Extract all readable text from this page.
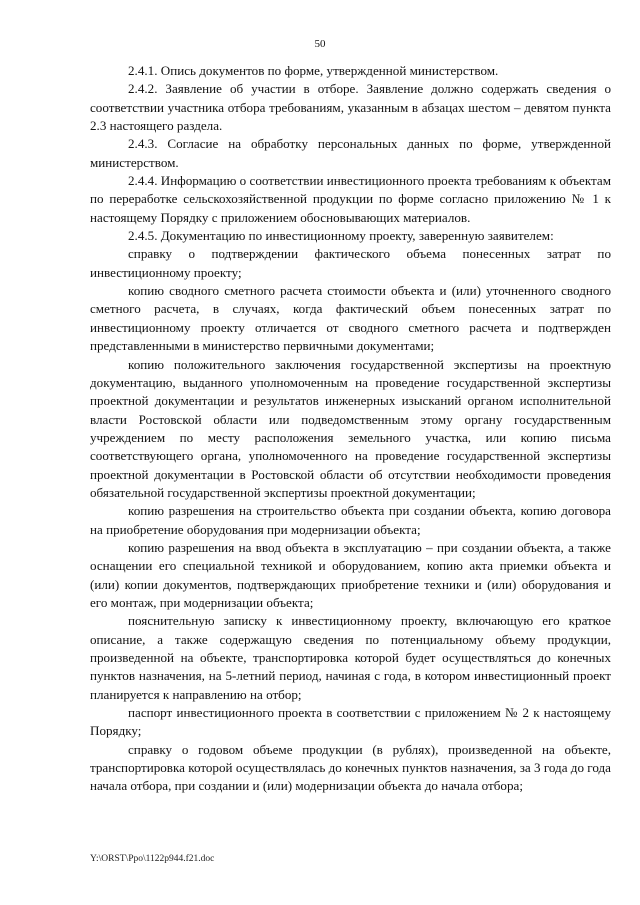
50

2.4.1. Опись документов по форме, утвержденной министерством.

2.4.2. Заявление об участии в отборе. Заявление должно содержать сведения о соответствии участника отбора требованиям, указанным в абзацах шестом – девятом пункта 2.3 настоящего раздела.

2.4.3. Согласие на обработку персональных данных по форме, утвержденной министерством.

2.4.4. Информацию о соответствии инвестиционного проекта требованиям к объектам по переработке сельскохозяйственной продукции по форме согласно приложению № 1 к настоящему Порядку с приложением обосновывающих материалов.

2.4.5. Документацию по инвестиционному проекту, заверенную заявителем:

справку о подтверждении фактического объема понесенных затрат по инвестиционному проекту;

копию сводного сметного расчета стоимости объекта и (или) уточненного сводного сметного расчета, в случаях, когда фактический объем понесенных затрат по инвестиционному проекту отличается от сводного сметного расчета и подтвержден представленными в министерство первичными документами;

копию положительного заключения государственной экспертизы на проектную документацию, выданного уполномоченным на проведение государственной экспертизы проектной документации и результатов инженерных изысканий органом исполнительной власти Ростовской области или подведомственным этому органу государственным учреждением по месту расположения земельного участка, или копию письма соответствующего органа, уполномоченного на проведение государственной экспертизы проектной документации в Ростовской области об отсутствии необходимости проведения обязательной государственной экспертизы проектной документации;

копию разрешения на строительство объекта при создании объекта, копию договора на приобретение оборудования при модернизации объекта;

копию разрешения на ввод объекта в эксплуатацию – при создании объекта, а также оснащении его специальной техникой и оборудованием, копию акта приемки объекта и (или) копии документов, подтверждающих приобретение техники и (или) оборудования и его монтаж, при модернизации объекта;

пояснительную записку к инвестиционному проекту, включающую его краткое описание, а также содержащую сведения по потенциальному объему продукции, произведенной на объекте, транспортировка которой будет осуществляться до конечных пунктов назначения, на 5-летний период, начиная с года, в котором инвестиционный проект планируется к направлению на отбор;

паспорт инвестиционного проекта в соответствии с приложением № 2 к настоящему Порядку;

справку о годовом объеме продукции (в рублях), произведенной на объекте, транспортировка которой осуществлялась до конечных пунктов назначения, за 3 года до года начала отбора, при создании и (или) модернизации объекта до начала отбора;

Y:\ORST\Ppo\1122p944.f21.doc
